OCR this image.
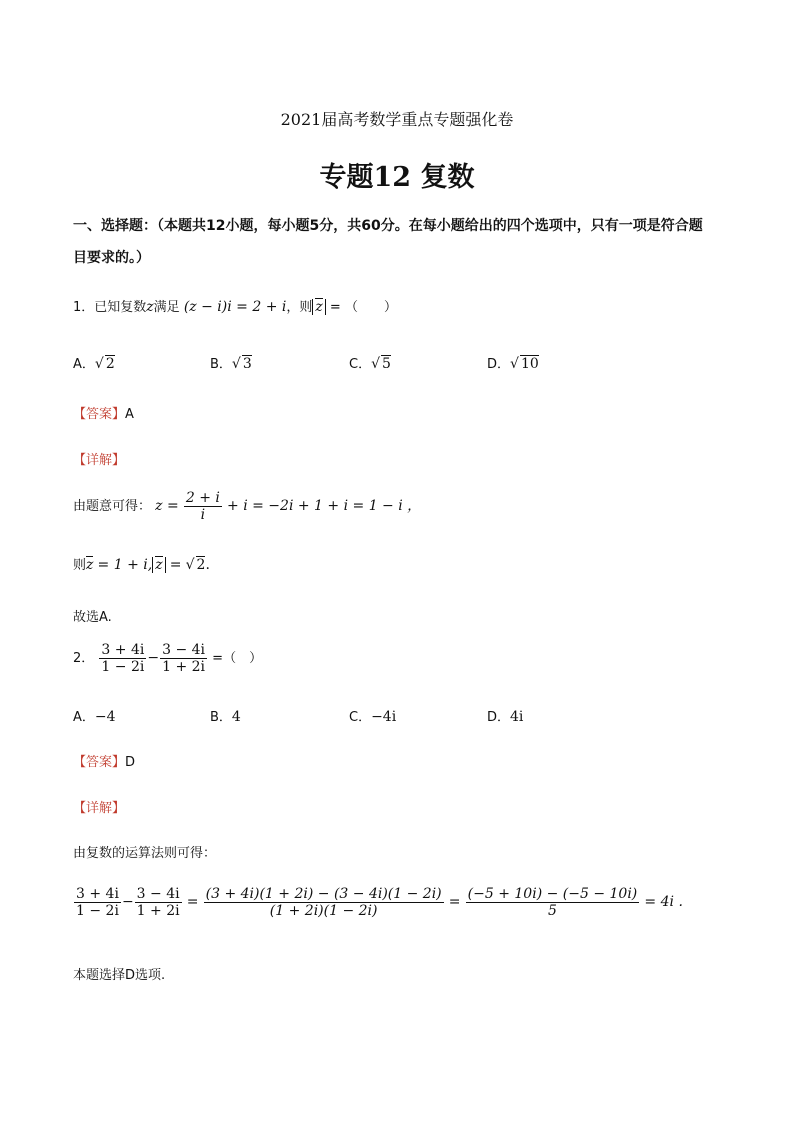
2021届高考数学重点专题强化卷
专题12 复数
一、选择题：（本题共12小题，每小题5分，共60分。在每小题给出的四个选项中，只有一项是符合题
目要求的。）
1．已知复数z满足 (z − i)i = 2 + i，则 z = （　　）
A．√ 2	B．√ 3	C．√ 5	D．√ 10
【答案】A
【详解】
由题意可得： $z = \frac{2 + i}{i} + i = -2i + 1 + i = 1 - i$ ，
则z = 1 + i, z = √ 2.
故选A.
2． $\frac{3 + 4i}{1 - 2i} - \frac{3 - 4i}{1 + 2i}$ =（　）
A．−4	B．4	C．−4i	D．4i
【答案】D
【详解】
由复数的运算法则可得：
$\frac{3 + 4i}{1 - 2i} - \frac{3 - 4i}{1 + 2i} = \frac{(3 + 4i)(1 + 2i) - (3 - 4i)(1 - 2i)}{(1 + 2i)(1 - 2i)} = \frac{(-5 + 10i) - (-5 - 10i)}{5} = 4i$ .
本题选择D选项.
